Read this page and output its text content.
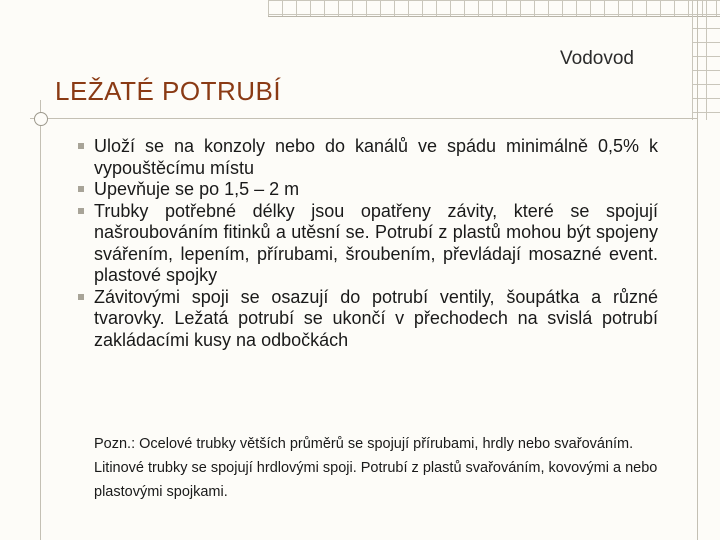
Vodovod
LEŽATÉ POTRUBÍ
Uloží se na konzoly nebo do kanálů ve spádu minimálně 0,5% k vypouštěcímu místu
Upevňuje se po 1,5 – 2 m
Trubky potřebné délky jsou opatřeny závity, které se spojují našroubováním fitinků a utěsní se. Potrubí z plastů mohou být spojeny svářením, lepením, přírubami, šroubením, převládají mosazné event. plastové spojky
Závitovými spoji se osazují do potrubí ventily, šoupátka a různé tvarovky. Ležatá potrubí se ukončí v přechodech na svislá potrubí zakládacími kusy na odbočkách
Pozn.: Ocelové trubky větších průměrů se spojují přírubami, hrdly nebo svařováním. Litinové trubky se spojují hrdlovými spoji. Potrubí z plastů svařováním, kovovými a nebo plastovými spojkami.
